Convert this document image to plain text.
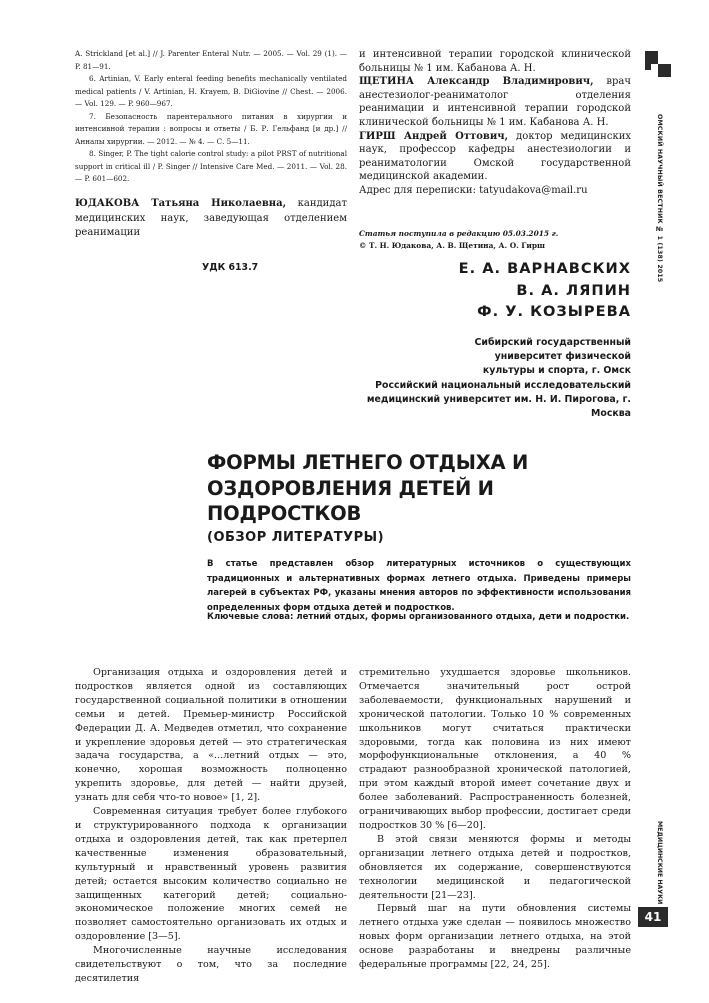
A. Strickland [et al.] // J. Parenter Enteral Nutr. — 2005. — Vol. 29 (1). — P. 81—91.

6. Artinian, V. Early enteral feeding benefits mechanically ventilated medical patients / V. Artinian, H. Krayem, B. DiGiovine // Chest. — 2006. — Vol. 129. — P. 960—967.

7. Безопасность парентерального питания в хирургии и интенсивной терапии : вопросы и ответы / Б. Р. Гельфанд [и др.] // Анналы хирургии. — 2012. — № 4. — С. 5—11.

8. Singer, P. The tight calorie control study: a pilot PRST of nutritional support in critical ill / P. Singer // Intensive Care Med. — 2011. — Vol. 28. — P. 601—602.

ЮДАКОВА Татьяна Николаевна, кандидат медицинских наук, заведующая отделением реанимации

и интенсивной терапии городской клинической больницы № 1 им. Кабанова А. Н.

ЩЕТИНА Александр Владимирович, врач анестезиолог-реаниматолог отделения реанимации и интенсивной терапии городской клинической больницы № 1 им. Кабанова А. Н.

ГИРШ Андрей Оттович, доктор медицинских наук, профессор кафедры анестезиологии и реаниматологии Омской государственной медицинской академии.

Адрес для переписки: tatyudakova@mail.ru

Статья поступила в редакцию 05.03.2015 г.

© Т. Н. Юдакова, А. В. Щетина, А. О. Гирш	ОМСКИЙ НАУЧНЫЙ ВЕСТНИК № 1 (138) 2015
МЕДИЦИНСКИЕ НАУКИ
41
УДК 613.7	Е. А. ВАРНАВСКИХ
В. А. ЛЯПИН
Ф. У. КОЗЫРЕВА
Сибирский государственный университет физической культуры и спорта, г. Омск
Российский национальный исследовательский медицинский университет им. Н. И. Пирогова, г. Москва
ФОРМЫ ЛЕТНЕГО ОТДЫХА И ОЗДОРОВЛЕНИЯ ДЕТЕЙ И ПОДРОСТКОВ
(ОБЗОР ЛИТЕРАТУРЫ)
В статье представлен обзор литературных источников о существующих традиционных и альтернативных формах летнего отдыха. Приведены примеры лагерей в субъектах РФ, указаны мнения авторов по эффективности использования определенных форм отдыха детей и подростков.
Ключевые слова: летний отдых, формы организованного отдыха, дети и подростки.

Организация отдыха и оздоровления детей и подростков является одной из составляющих государственной социальной политики в отношении семьи и детей. Премьер-министр Российской Федерации Д. А. Медведев отметил, что сохранение и укрепление здоровья детей — это стратегическая задача государства, а «...летний отдых — это, конечно, хорошая возможность полноценно укрепить здоровье, для детей — найти друзей, узнать для себя что-то новое» [1, 2].

Современная ситуация требует более глубокого и структурированного подхода к организации отдыха и оздоровления детей, так как претерпел качественные изменения образовательный, культурный и нравственный уровень развития детей; остается высоким количество социально не защищенных категорий детей; социально-экономическое положение многих семей не позволяет самостоятельно организовать их отдых и оздоровление [3—5].

Многочисленные научные исследования свидетельствуют о том, что за последние десятилетия

стремительно ухудшается здоровье школьников. Отмечается значительный рост острой заболеваемости, функциональных нарушений и хронической патологии. Только 10 % современных школьников могут считаться практически здоровыми, тогда как половина из них имеют морфофункциональные отклонения, а 40 % страдают разнообразной хронической патологией, при этом каждый второй имеет сочетание двух и более заболеваний. Распространенность болезней, ограничивающих выбор профессии, достигает среди подростков 30 % [6—20].

В этой связи меняются формы и методы организации летнего отдыха детей и подростков, обновляется их содержание, совершенствуются технологии медицинской и педагогической деятельности [21—23].

Первый шаг на пути обновления системы летнего отдыха уже сделан — появилось множество новых форм организации летнего отдыха, на этой основе разработаны и внедрены различные федеральные программы [22, 24, 25].
